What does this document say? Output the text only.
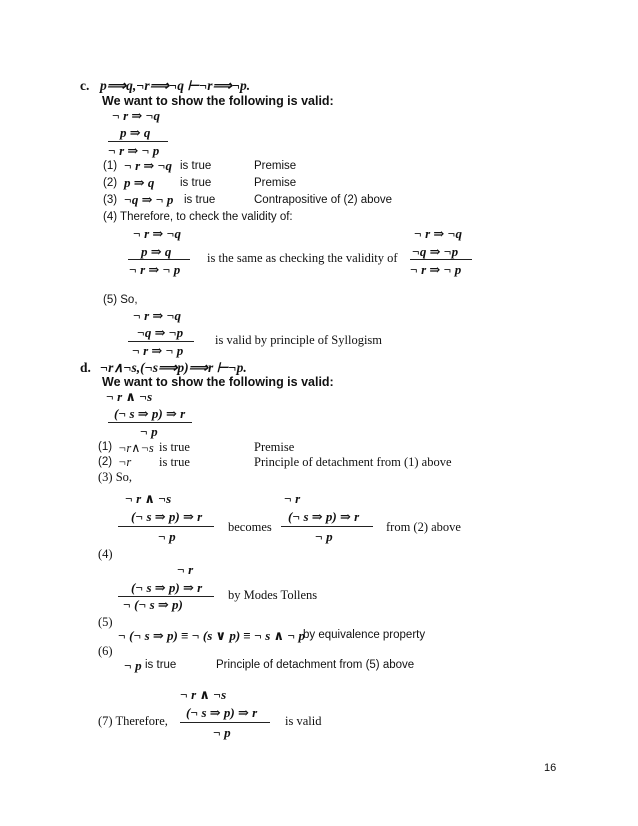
c. p⟹q,¬r⟹¬q ⊢¬r⟹¬p.
We want to show the following is valid:
¬ r ⇒ ¬q
p ⇒ q
¬ r ⇒ ¬ p
(1) ¬ r ⇒ ¬q is true	Premise
(2) p ⇒ q is true	Premise
(3) ¬q ⇒ ¬ p is true	Contrapositive of (2) above
(4) Therefore, to check the validity of:
¬ r ⇒ ¬q
p ⇒ q
¬ r ⇒ ¬ p
is the same as checking the validity of
¬ r ⇒ ¬q
¬q ⇒ ¬p
¬ r ⇒ ¬ p
(5) So,
¬ r ⇒ ¬q
¬q ⇒ ¬p
¬ r ⇒ ¬ p
is valid by principle of Syllogism
d. ¬r∧¬s,(¬s⟹p)⟹r ⊢¬p.
We want to show the following is valid:
¬ r ∧ ¬s
(¬ s ⇒ p) ⇒ r
¬ p
(1) ¬r∧¬s is true	Premise
(2) ¬r is true	Principle of detachment from (1) above
(3) So,
¬ r ∧ ¬s
(¬ s ⇒ p) ⇒ r
¬ p
becomes
¬ r
(¬ s ⇒ p) ⇒ r
¬ p
from (2) above
(4)
¬ r
(¬ s ⇒ p) ⇒ r
¬ (¬ s ⇒ p)
by Modes Tollens
(5)
¬ (¬ s ⇒ p) ≡ ¬ (s ∨ p) ≡ ¬ s ∧ ¬ p
by equivalence property
(6)
¬ p is true	Principle of detachment from (5) above
¬ r ∧ ¬s
(¬ s ⇒ p) ⇒ r
(7) Therefore,
¬ p
is valid
16
